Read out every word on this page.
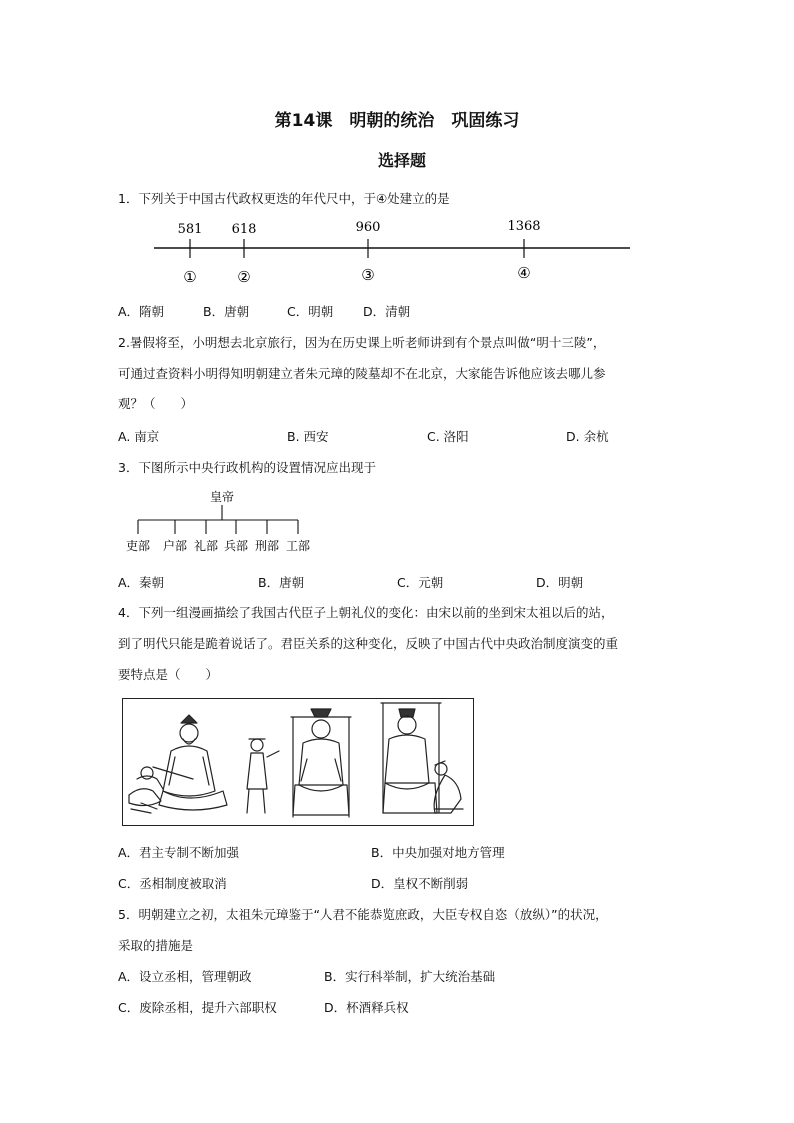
第14课　明朝的统治　巩固练习
选择题
1．下列关于中国古代政权更迭的年代尺中，于④处建立的是
581 618	960	1368
①	②	③	④
A．隋朝	B．唐朝	C．明朝 D．清朝
2.暑假将至，小明想去北京旅行，因为在历史课上听老师讲到有个景点叫做“明十三陵”，
可通过查资料小明得知明朝建立者朱元璋的陵墓却不在北京，大家能告诉他应该去哪儿参
观？（　　）
A. 南京	B. 西安	C. 洛阳	D. 余杭
3．下图所示中央行政机构的设置情况应出现于
皇帝
吏部 户部 礼部 兵部 刑部 工部
A．秦朝	B．唐朝	C．元朝	D．明朝
4．下列一组漫画描绘了我国古代臣子上朝礼仪的变化：由宋以前的坐到宋太祖以后的站，
到了明代只能是跪着说话了。君臣关系的这种变化，反映了中国古代中央政治制度演变的重
要特点是（　　）
A．君主专制不断加强	B．中央加强对地方管理
C．丞相制度被取消	D．皇权不断削弱
5．明朝建立之初，太祖朱元璋鉴于“人君不能恭览庶政，大臣专权自恣（放纵）”的状况，
采取的措施是
A．设立丞相，管理朝政	B．实行科举制，扩大统治基础
C．废除丞相，提升六部职权	D．杯酒释兵权
